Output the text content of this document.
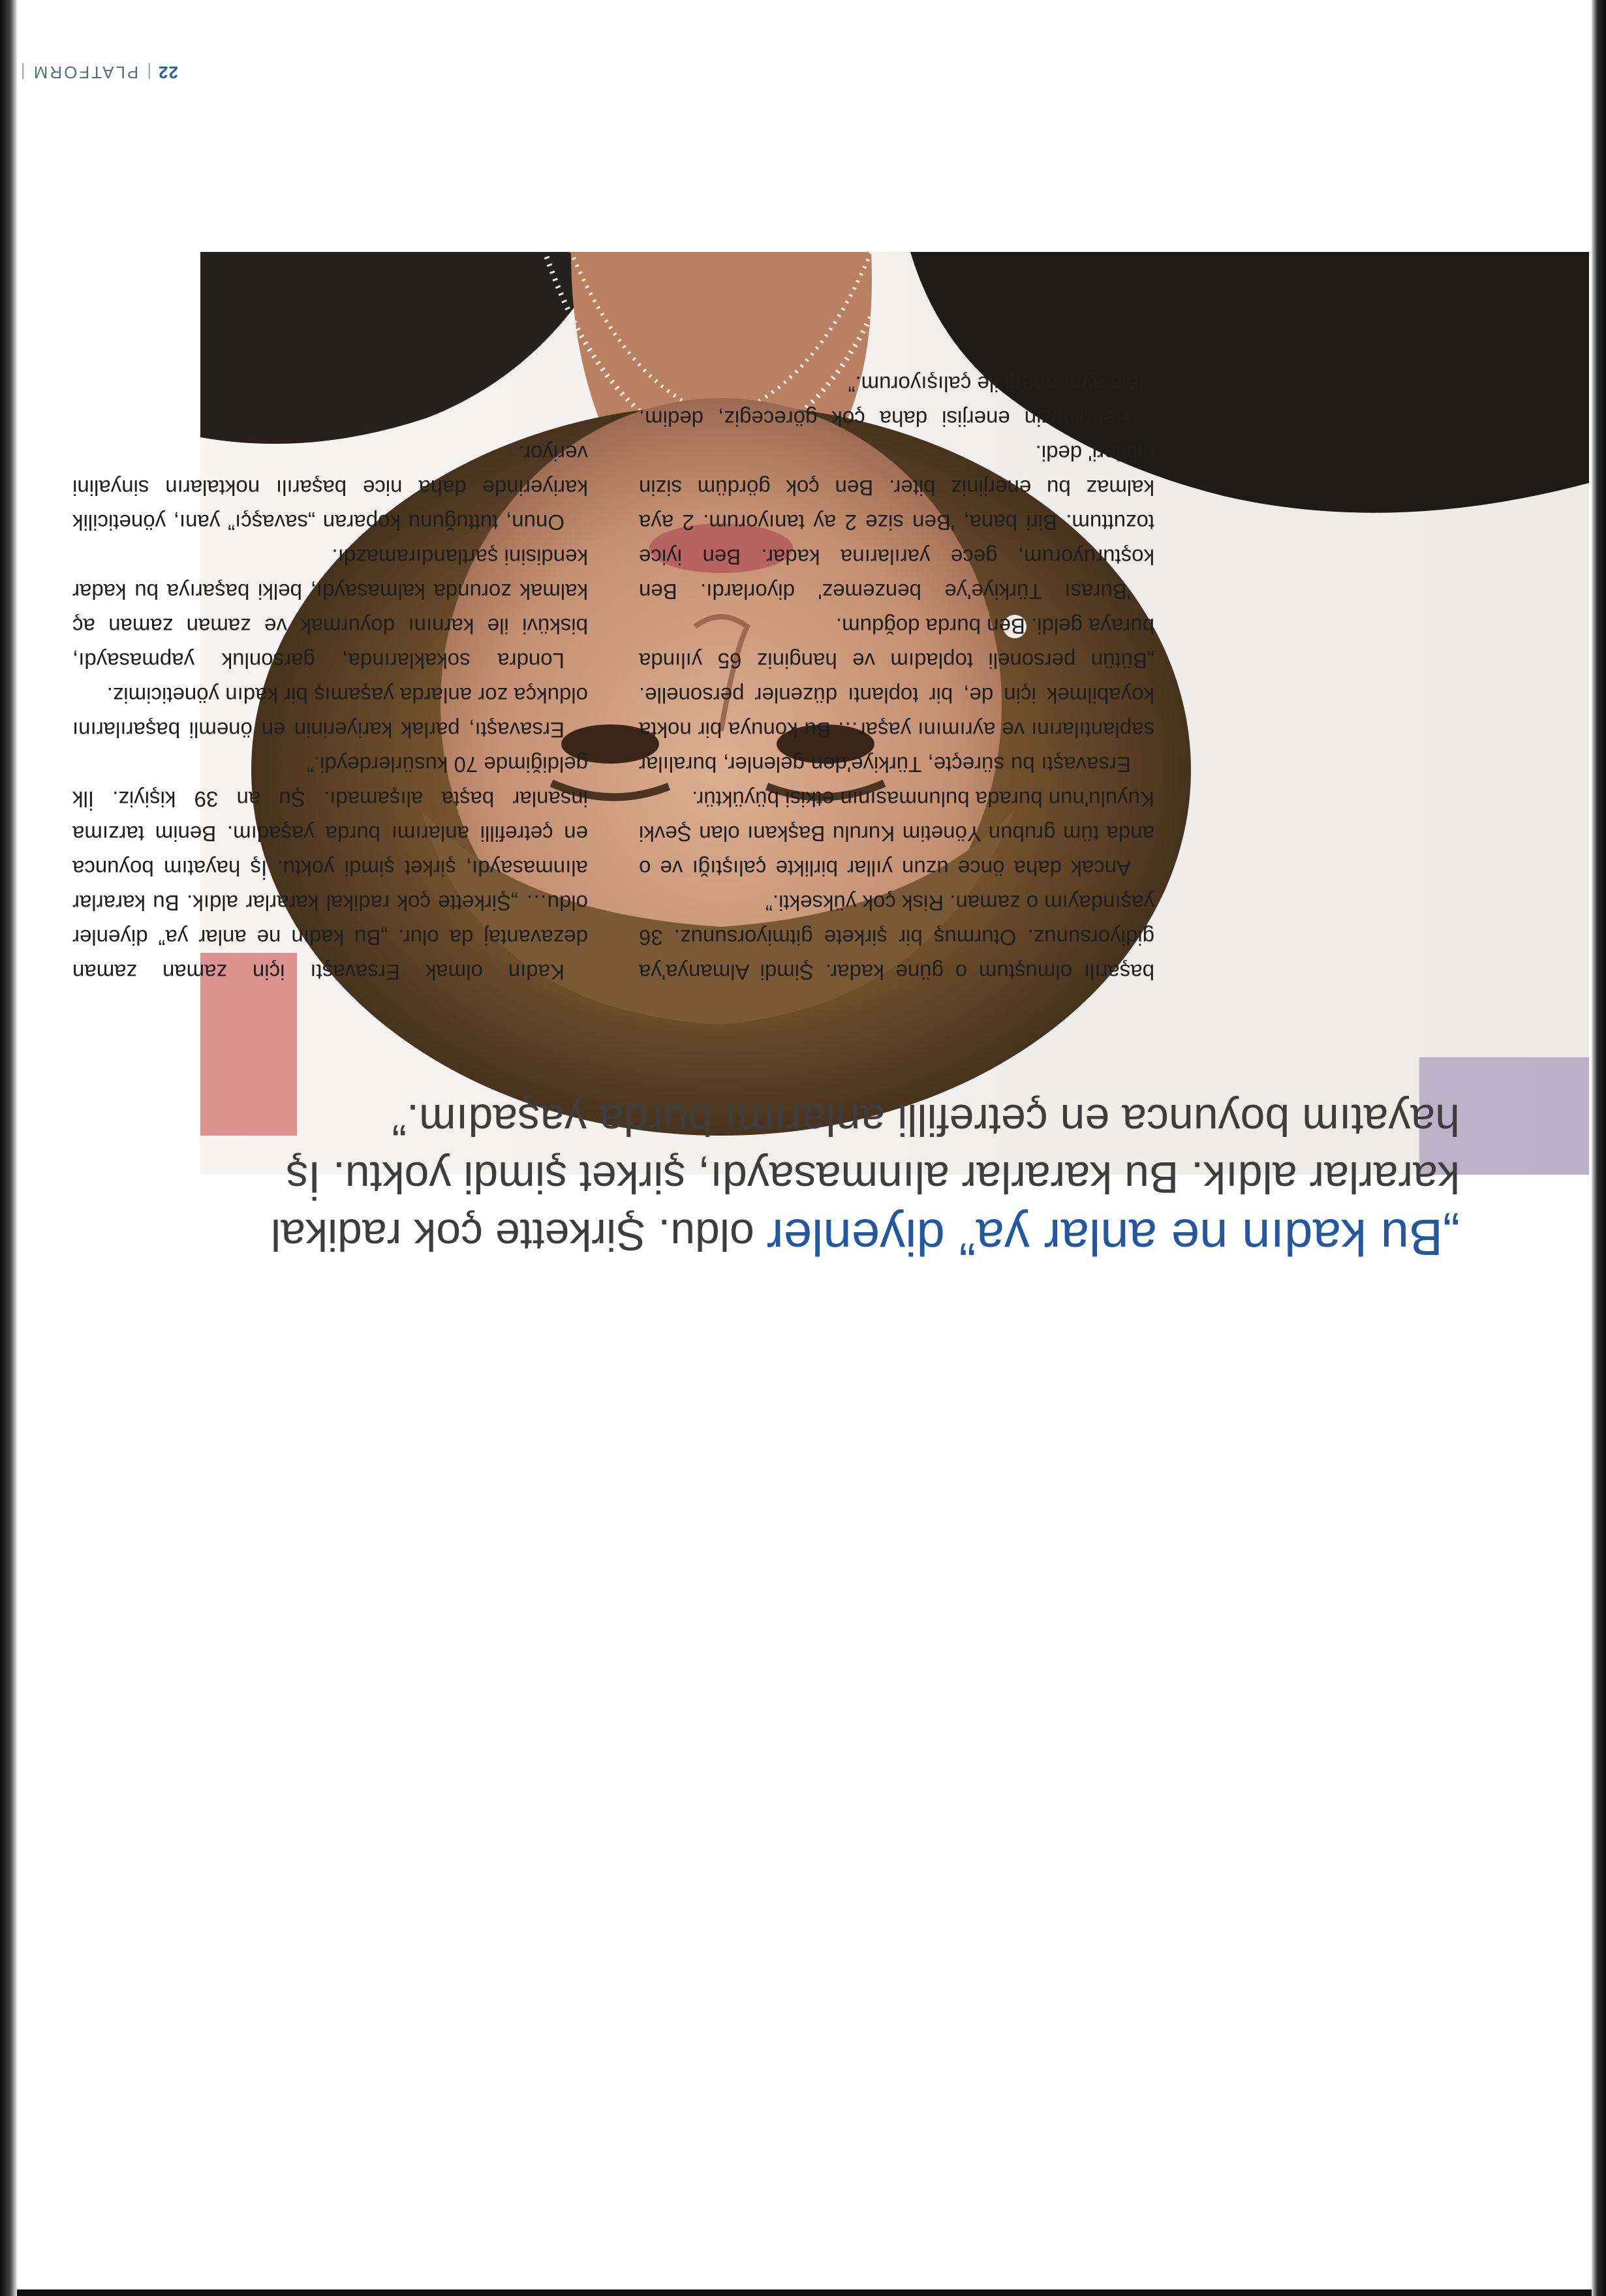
„Bu kadın ne anlar ya” diyenler oldu. Şirkette çok radikal kararlar aldık. Bu kararlar alınmasaydı, şirket şimdi yoktu. İş hayatım boyunca en çetrefilli anlarımı burda yaşadım.”

başarılı olmuştum o güne kadar. Şimdi Almanya'ya gidiyorsunuz. Oturmuş bir şirkete gitmiyorsunuz. 36 yaşındayım o zaman. Risk çok yüksekti.”

Ancak daha önce uzun yıllar birlikte çalıştığı ve o anda tüm grubun Yönetim Kurulu Başkanı olan Şevki Kuyulu'nun burada bulunmasının etkisi büyüktür.

Ersavaştı bu süreçte, Türkiye'den gelenler, buralılar saplantılarını ve ayrımını yaşar… Bu konuya bir nokta koyabilmek için de, bir toplantı düzenler personelle. „Bütün personeli topladım ve hanginiz 65 yılında buraya geldi. Ben burda doğdum.

'Burası Türkiye'ye benzemez' diyorlardı. Ben koşturuyorum, gece yarılarına kadar. Ben iyice tozuttum. Biri bana, 'Ben size 2 ay tanıyorum. 2 aya kalmaz bu enerjiniz biter. Ben çok gördüm sizin gibileri' dedi.

Hangimizin enerjisi daha çok görecegiz, dedim. Hala aynı enerji ile çalışıyorum.”

Kadın olmak Ersavaştı için zaman zaman dezavantaj da olur. „Bu kadın ne anlar ya” diyenler oldu… „Şirkette çok radikal kararlar aldık. Bu kararlar alınmasaydı, şirket şimdi yoktu. İş hayatım boyunca en çetrefilli anlarımı burda yaşadım. Benim tarzıma insanlar başta alışamadı. Şu an 39 kişiyiz. İlk geldiğimde 70 kusürlerdeydi.”

Ersavaştı, parlak kariyerinin en önemli başarılarını oldukça zor anlarda yaşamış bir kadın yöneticimiz.

Londra sokaklarında, garsonluk yapmasaydı, bisküvi ile karnını doyurmak ve zaman zaman aç kalmak zorunda kalmasaydı, belki başarıya bu kadar kendisini şartlandıramazdı.

Onun, tuttuğunu koparan „savaşçı” yanı, yöneticilik kariyerinde daha nice başarılı noktaların sinyalini veriyor.

22|PLATFORM|
